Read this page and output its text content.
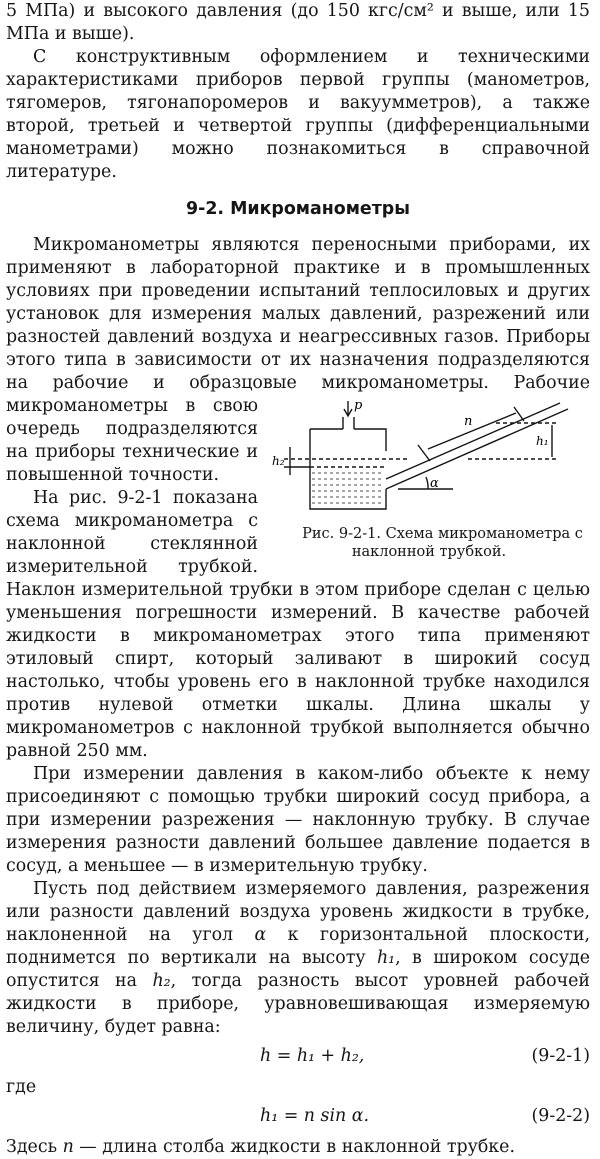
5 МПа) и высокого давления (до 150 кгс/см² и выше, или 15 МПа и выше).

С конструктивным оформлением и техническими характеристиками приборов первой группы (манометров, тягомеров, тягонапоромеров и вакуумметров), а также второй, третьей и четвертой группы (дифференциальными манометрами) можно познакомиться в справочной литературе.

9-2. Микроманометры

Микроманометры являются переносными приборами, их применяют в лабораторной практике и в промышленных условиях при проведении испытаний теплосиловых и других установок для измерения малых давлений, разрежений или разностей давлений воздуха и неагрессивных газов. Приборы этого типа в зависимости от их назначения подразделяются на рабочие и образцовые микроманометры.
p
n
h₁
h₂
α

Рис. 9-2-1. Схема микроманометра с наклонной трубкой.

Рабочие микроманометры в свою очередь подразделяются на приборы технические и повышенной точности.

На рис. 9-2-1 показана схема микроманометра с наклонной стеклянной измерительной трубкой. Наклон измерительной трубки в этом приборе сделан с целью уменьшения погрешности измерений. В качестве рабочей жидкости в микроманометрах этого типа применяют этиловый спирт, который заливают в широкий сосуд настолько, чтобы уровень его в наклонной трубке находился против нулевой отметки шкалы. Длина шкалы у микроманометров с наклонной трубкой выполняется обычно равной 250 мм.

При измерении давления в каком-либо объекте к нему присоединяют с помощью трубки широкий сосуд прибора, а при измерении разрежения — наклонную трубку. В случае измерения разности давлений большее давление подается в сосуд, а меньшее — в измерительную трубку.

Пусть под действием измеряемого давления, разрежения или разности давлений воздуха уровень жидкости в трубке, наклоненной на угол α к горизонтальной плоскости, поднимется по вертикали на высоту h₁, в широком сосуде опустится на h₂, тогда разность высот уровней рабочей жидкости в приборе, уравновешивающая измеряемую величину, будет равна:

h = h₁ + h₂,	(9-2-1)

где

h₁ = n sin α.	(9-2-2)

Здесь n — длина столба жидкости в наклонной трубке.
